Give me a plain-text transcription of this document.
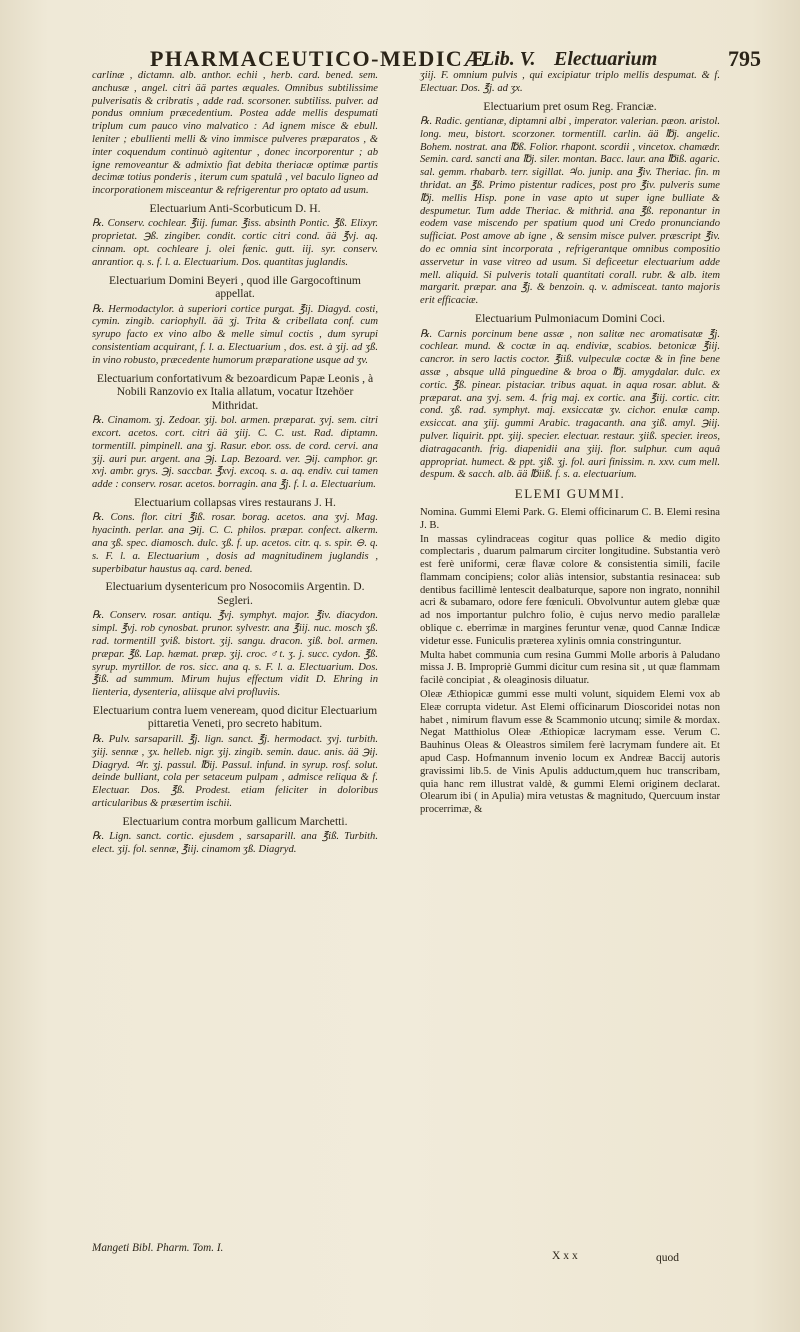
PHARMACEUTICO-MEDICÆ
Lib. V. Electuarium	795

carlinæ , dictamn. alb. anthor. echii , herb. card. bened. sem. anchusæ , angel. citri ää partes æquales. Omnibus subtilissime pulverisatis & cribratis , adde rad. scorsoner. subtiliss. pulver. ad pondus omnium præcedentium. Postea adde mellis despumati triplum cum pauco vino malvatico : Ad ignem misce & ebull. leniter ; ebullienti melli & vino immisce pulveres præparatos , & inter coquendum continuò agitentur , donec incorporentur ; ab igne removeantur & admixtio fiat debita theriacæ optimæ partis decimæ totius ponderis , iterum cum spatulâ , vel baculo ligneo ad incorporationem misceantur & refrigerentur pro optato ad usum.

Electuarium Anti-Scorbuticum D. H.

℞. Conserv. cochlear. ℥iij. fumar. ℥iss. absinth Pontic. ℥ß. Elixyr. proprietat. ℈ß. zingiber. condit. cortic citri cond. ää ℥vj. aq. cinnam. opt. cochleare j. olei fænic. gutt. iij. syr. conserv. anrantior. q. s. f. l. a. Electuarium. Dos. quantitas juglandis.

Electuarium Domini Beyeri , quod ille Gargocoftinum appellat.

℞. Hermodactylor. à superiori cortice purgat. ℥ij. Diagyd. costi, cymin. zingib. cariophyll. ää ʒj. Trita & cribellata conf. cum syrupo facto ex vino albo & melle simul coctis , dum syrupi consistentiam acquirant, f. l. a. Electuarium , dos. est. à ʒij. ad ʒß. in vino robusto, præcedente humorum præparatione usque ad ʒv.

Electuarium confortativum & bezoardicum Papæ Leonis , à Nobili Ranzovio ex Italia allatum, vocatur Itzehöer Mithridat.

℞. Cinamom. ʒj. Zedoar. ʒij. bol. armen. præparat. ʒvj. sem. citri excort. acetos. cort. citri ää ʒiij. C. C. ust. Rad. diptamn. tormentill. pimpinell. ana ʒj. Rasur. ebor. oss. de cord. cervi. ana ʒij. auri pur. argent. ana ℈j. Lap. Bezoard. ver. ℈ij. camphor. gr. xvj. ambr. grys. ℈j. saccbar. ℥xvj. excoq. s. a. aq. endiv. cui tamen adde : conserv. rosar. acetos. borragin. ana ℥j. f. l. a. Electuarium.

Electuarium collapsas vires restaurans J. H.

℞. Cons. flor. citri ℥iß. rosar. borag. acetos. ana ʒvj. Mag. hyacinth. perlar. ana ℈ij. C. C. philos. præpar. confect. alkerm. ana ʒß. spec. diamosch. dulc. ʒß. f. up. acetos. citr. q. s. spir. ⊖. q. s. F. l. a. Electuarium , dosis ad magnitudinem juglandis , superbibatur haustus aq. card. bened.

Electuarium dysentericum pro Nosocomiis Argentin. D. Segleri.

℞. Conserv. rosar. antiqu. ℥vj. symphyt. major. ℥iv. diacydon. simpl. ℥vj. rob cynosbat. prunor. sylvestr. ana ℥iij. nuc. mosch ʒß. rad. tormentill ʒviß. bistort. ʒij. sangu. dracon. ʒiß. bol. armen. præpar. ℥ß. Lap. hæmat. præp. ʒij. croc. ♂t. ʒ. j. succ. cydon. ℥ß. syrup. myrtillor. de ros. sicc. ana q. s. F. l. a. Electuarium. Dos. ℥iß. ad summum. Mirum hujus effectum vidit D. Ehring in lienteria, dysenteria, aliisque alvi profluviis.

Electuarium contra luem veneream, quod dicitur Electuarium pittaretia Veneti, pro secreto habitum.

℞. Pulv. sarsaparill. ℥j. lign. sanct. ℥j. hermodact. ʒvj. turbith. ʒiij. sennæ , ʒx. helleb. nigr. ʒij. zingib. semin. dauc. anis. ää ℈ij. Diagryd. ♃r. ʒj. passul. ℔ij. Passul. infund. in syrup. rosf. solut. deinde bulliant, cola per setaceum pulpam , admisce reliqua & f. Electuar. Dos. ℥ß. Prodest. etiam feliciter in doloribus articularibus & præsertim ischii.

Electuarium contra morbum gallicum Marchetti.

℞. Lign. sanct. cortic. ejusdem , sarsaparill. ana ℥iß. Turbith. elect. ʒij. fol. sennæ, ℥iij. cinamom ʒß. Diagryd.

Mangeti Bibl. Pharm. Tom. I.

ʒiij. F. omnium pulvis , qui excipiatur triplo mellis despumat. & f. Electuar. Dos. ℥j. ad ʒx.

Electuarium pret osum Reg. Franciæ.

℞. Radic. gentianæ, diptamni albi , imperator. valerian. pæon. aristol. long. meu, bistort. scorzoner. tormentill. carlin. ää ℔j. angelic. Bohem. nostrat. ana ℔ß. Folior. rhapont. scordii , vincetox. chamædr. Semin. card. sancti ana ℔j. siler. montan. Bacc. laur. ana ℔iß. agaric. sal. gemm. rhabarb. terr. sigillat. ♃o. junip. ana ℥iv. Theriac. fin. m thridat. an ℥ß. Primo pistentur radices, post pro ℥iv. pulveris sume ℔j. mellis Hisp. pone in vase apto ut super igne bulliate & despumetur. Tum adde Theriac. & mithrid. ana ℥ß. reponantur in eodem vase miscendo per spatium quod uni Credo pronunciando sufficiat. Post amove ab igne , & sensim misce pulver. præscript ℥iv. do ec omnia sint incorporata , refrigerantque omnibus compositio asservetur in vase vitreo ad usum. Si deficeetur electuarium adde mell. aliquid. Si pulveris totali quantitati corall. rubr. & alb. item margarit. præpar. ana ℥j. & benzoin. q. v. admisceat. tanto majoris erit efficaciæ.

Electuarium Pulmoniacum Domini Coci.

℞. Carnis porcinum bene assæ , non salitæ nec aromatisatæ ℥j. cochlear. mund. & coctæ in aq. endiviæ, scabios. betonicæ ℥iij. cancror. in sero lactis coctor. ℥iiß. vulpeculæ coctæ & in fine bene assæ , absque ullâ pinguedine & broa o ℔j. amygdalar. dulc. ex cortic. ℥ß. pinear. pistaciar. tribus aquat. in aqua rosar. ablut. & præparat. ana ʒvj. sem. 4. frig maj. ex cortic. ana ℥iij. cortic. citr. cond. ʒß. rad. symphyt. maj. exsiccatæ ʒv. cichor. enulæ camp. exsiccat. ana ʒiij. gummi Arabic. tragacanth. ana ʒiß. amyl. ℈iij. pulver. liquirit. ppt. ʒiij. specier. electuar. restaur. ʒiiß. specier. ireos, diatragacanth. frig. diapenidii ana ʒiij. flor. sulphur. cum aquâ appropriat. humect. & ppt. ʒiß. ʒj. fol. auri finissim. n. xxv. cum mell. despum. & sacch. alb. ää ℔iiß. f. s. a. electuarium.

ELEMI GUMMI.

Nomina. Gummi Elemi Park. G. Elemi officinarum C. B. Elemi resina J. B.

In massas cylindraceas cogitur quas pollice & medio digito complectaris , duarum palmarum circiter longitudine. Substantia verò est ferè uniformi, ceræ flavæ colore & consistentia simili, facile flammam concipiens; color aliàs intensior, substantia resinacea: sub dentibus facillimè lentescit dealbaturque, sapore non ingrato, nonnihil acri & subamaro, odore fere fœniculi. Obvolvuntur autem glebæ quæ ad nos importantur pulchro folio, è cujus nervo medio parallelæ oblique c. eberrimæ in margines feruntur venæ, quod Cannæ Indicæ videtur esse. Funiculis præterea xylinis omnia constringuntur.

Multa habet communia cum resina Gummi Molle arboris à Paludano missa J. B. Impropriè Gummi dicitur cum resina sit , ut quæ flammam facilè concipiat , & oleaginosis diluatur.

Oleæ Æthiopicæ gummi esse multi volunt, siquidem Elemi vox ab Eleæ corrupta videtur. Ast Elemi officinarum Dioscoridei notas non habet , nimirum flavum esse & Scammonio utcunq; simile & mordax. Negat Matthiolus Oleæ Æthiopicæ lacrymam esse. Verum C. Bauhinus Oleas & Oleastros similem ferè lacrymam fundere ait. Et apud Casp. Hofmannum invenio locum ex Andreæ Baccij autoris gravissimi lib.5. de Vinis Apulis adductum,quem huc transcribam, quia hanc rem illustrat valdè, & gummi Elemi originem declarat. Olearum ibi ( in Apulia) mira vetustas & magnitudo, Quercuum instar procerrimæ, &

Xxx	quod
